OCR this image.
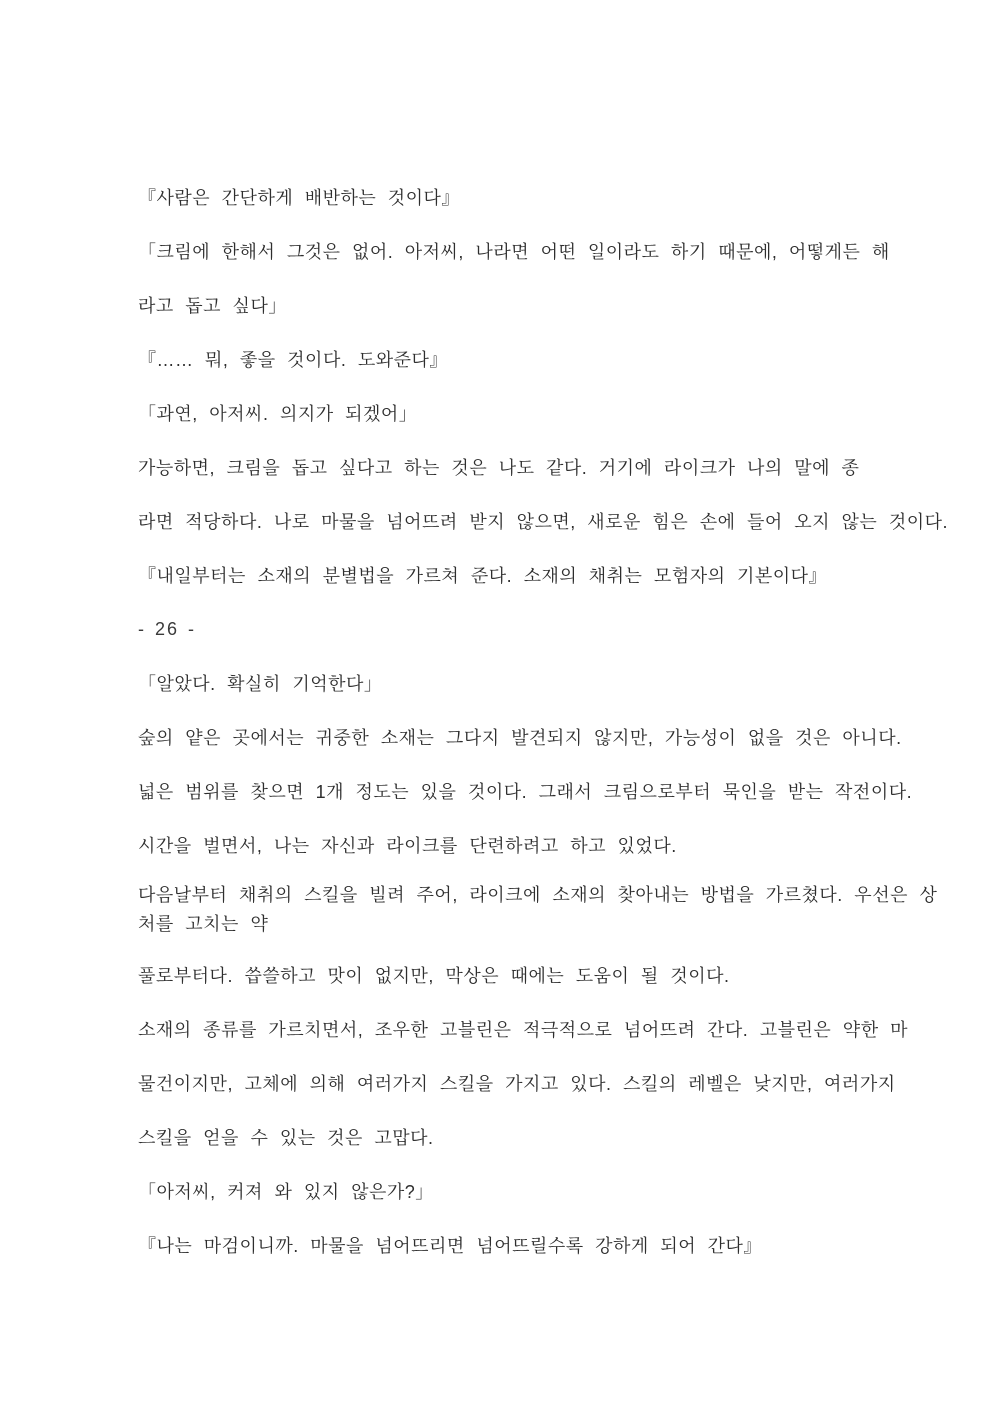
『사람은 간단하게 배반하는 것이다』
「크림에 한해서 그것은 없어. 아저씨, 나라면 어떤 일이라도 하기 때문에, 어떻게든 해
라고 돕고 싶다」
『…… 뭐, 좋을 것이다. 도와준다』
「과연, 아저씨. 의지가 되겠어」
가능하면, 크림을 돕고 싶다고 하는 것은 나도 같다. 거기에 라이크가 나의 말에 종
라면 적당하다. 나로 마물을 넘어뜨려 받지 않으면, 새로운 힘은 손에 들어 오지 않는 것이다.
『내일부터는 소재의 분별법을 가르쳐 준다. 소재의 채취는 모험자의 기본이다』
- 26 -
「알았다. 확실히 기억한다」
숲의 얕은 곳에서는 귀중한 소재는 그다지 발견되지 않지만, 가능성이 없을 것은 아니다.
넓은 범위를 찾으면 1개 정도는 있을 것이다. 그래서 크림으로부터 묵인을 받는 작전이다.
시간을 벌면서, 나는 자신과 라이크를 단련하려고 하고 있었다.
다음날부터 채취의 스킬을 빌려 주어, 라이크에 소재의 찾아내는 방법을 가르쳤다. 우선은 상
처를 고치는 약
풀로부터다. 씁쓸하고 맛이 없지만, 막상은 때에는 도움이 될 것이다.
소재의 종류를 가르치면서, 조우한 고블린은 적극적으로 넘어뜨려 간다. 고블린은 약한 마
물건이지만, 고체에 의해 여러가지 스킬을 가지고 있다. 스킬의 레벨은 낮지만, 여러가지
스킬을 얻을 수 있는 것은 고맙다.
「아저씨, 커져 와 있지 않은가?」
『나는 마검이니까. 마물을 넘어뜨리면 넘어뜨릴수록 강하게 되어 간다』
